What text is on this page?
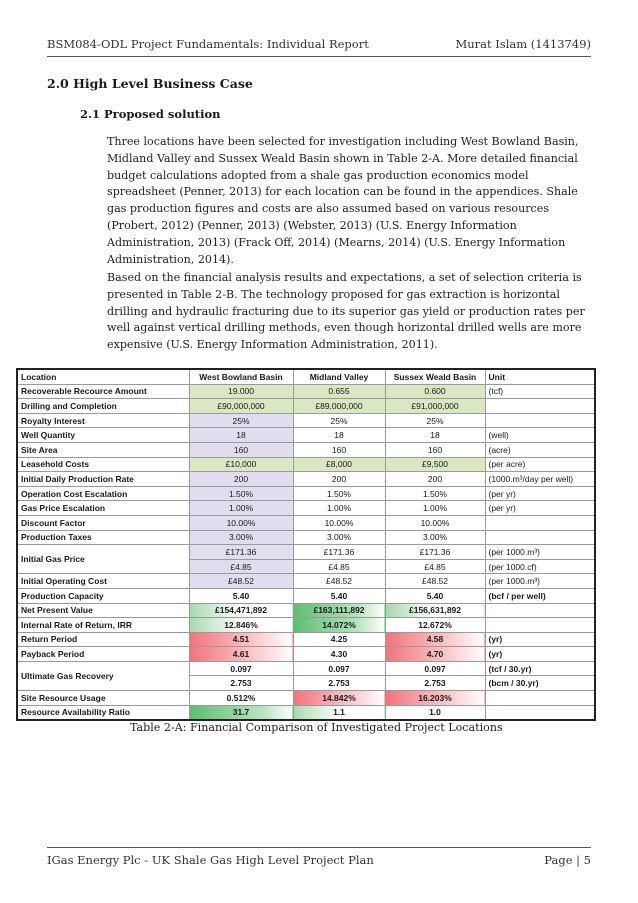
BSM084-ODL Project Fundamentals: Individual Report	Murat Islam (1413749)
2.0 High Level Business Case
2.1 Proposed solution
Three locations have been selected for investigation including West Bowland Basin, Midland Valley and Sussex Weald Basin shown in Table 2-A. More detailed financial budget calculations adopted from a shale gas production economics model spreadsheet (Penner, 2013) for each location can be found in the appendices. Shale gas production figures and costs are also assumed based on various resources (Probert, 2012) (Penner, 2013) (Webster, 2013) (U.S. Energy Information Administration, 2013) (Frack Off, 2014) (Mearns, 2014) (U.S. Energy Information Administration, 2014).
Based on the financial analysis results and expectations, a set of selection criteria is presented in Table 2-B. The technology proposed for gas extraction is horizontal drilling and hydraulic fracturing due to its superior gas yield or production rates per well against vertical drilling methods, even though horizontal drilled wells are more expensive (U.S. Energy Information Administration, 2011).
Location	West Bowland Basin	Midland Valley	Sussex Weald Basin	Unit
Recoverable Recource Amount	19.000	0.655	0.600	(tcf)
Drilling and Completion	£90,000,000	£89,000,000	£91,000,000	
Royalty Interest	25%	25%	25%	
Well Quantity	18	18	18	(well)
Site Area	160	160	160	(acre)
Leasehold Costs	£10,000	£8,000	£9,500	(per acre)
Initial Daily Production Rate	200	200	200	(1000.m³/day per well)
Operation Cost Escalation	1.50%	1.50%	1.50%	(per yr)
Gas Price Escalation	1.00%	1.00%	1.00%	(per yr)
Discount Factor	10.00%	10.00%	10.00%	
Production Taxes	3.00%	3.00%	3.00%	
Initial Gas Price	£171.36	£171.36	£171.36	(per 1000.m³)
	£4.85	£4.85	£4.85	(per 1000.cf)
Initial Operating Cost	£48.52	£48.52	£48.52	(per 1000.m³)
Production Capacity	5.40	5.40	5.40	(bcf / per well)
Net Present Value	£154,471,892	£163,111,892	£156,631,892	
Internal Rate of Return, IRR	12.846%	14.072%	12.672%	
Return Period	4.51	4.25	4.58	(yr)
Payback Period	4.61	4.30	4.70	(yr)
Ultimate Gas Recovery	0.097	0.097	0.097	(tcf / 30.yr)
	2.753	2.753	2.753	(bcm / 30.yr)
Site Resource Usage	0.512%	14.842%	16.203%	
Resource Availability Ratio	31.7	1.1	1.0	
Table 2-A: Financial Comparison of Investigated Project Locations
IGas Energy Plc - UK Shale Gas High Level Project Plan	Page | 5
